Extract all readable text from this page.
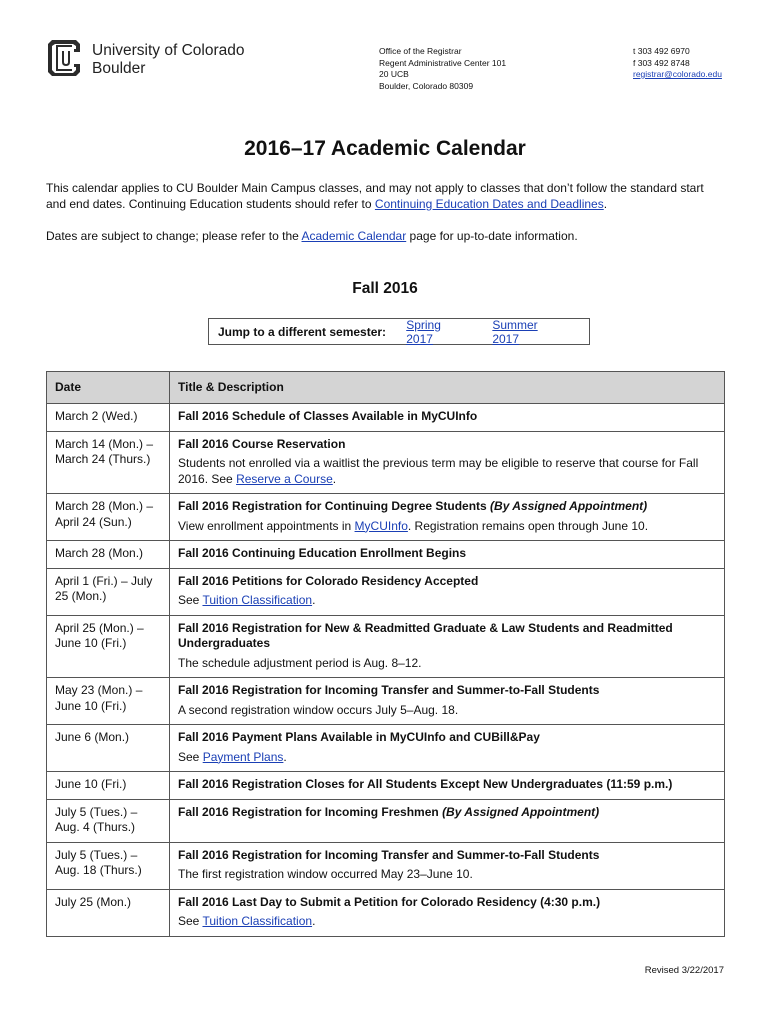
University of Colorado
Boulder
Office of the Registrar
Regent Administrative Center 101
20 UCB
Boulder, Colorado 80309
t 303 492 6970
f 303 492 8748
registrar@colorado.edu
2016–17 Academic Calendar

This calendar applies to CU Boulder Main Campus classes, and may not apply to classes that don’t follow the standard start and end dates. Continuing Education students should refer to Continuing Education Dates and Deadlines.

Dates are subject to change; please refer to the Academic Calendar page for up-to-date information.

Fall 2016
Jump to a different semester:	Spring 2017
Summer 2017
Date	Title & Description
March 2 (Wed.)	Fall 2016 Schedule of Classes Available in MyCUInfo

March 14 (Mon.) – March 24 (Thurs.)	Fall 2016 Course Reservation
Students not enrolled via a waitlist the previous term may be eligible to reserve that course for Fall 2016. See Reserve a Course.

March 28 (Mon.) – April 24 (Sun.)	Fall 2016 Registration for Continuing Degree Students (By Assigned Appointment)
View enrollment appointments in MyCUInfo. Registration remains open through June 10.

March 28 (Mon.)	Fall 2016 Continuing Education Enrollment Begins

April 1 (Fri.) – July 25 (Mon.)	Fall 2016 Petitions for Colorado Residency Accepted
See Tuition Classification.

April 25 (Mon.) – June 10 (Fri.)	Fall 2016 Registration for New & Readmitted Graduate & Law Students and Readmitted Undergraduates
The schedule adjustment period is Aug. 8–12.

May 23 (Mon.) – June 10 (Fri.)	Fall 2016 Registration for Incoming Transfer and Summer-to-Fall Students
A second registration window occurs July 5–Aug. 18.

June 6 (Mon.)	Fall 2016 Payment Plans Available in MyCUInfo and CUBill&Pay
See Payment Plans.

June 10 (Fri.)	Fall 2016 Registration Closes for All Students Except New Undergraduates (11:59 p.m.)

July 5 (Tues.) – Aug. 4 (Thurs.)	Fall 2016 Registration for Incoming Freshmen (By Assigned Appointment)

July 5 (Tues.) – Aug. 18 (Thurs.)	Fall 2016 Registration for Incoming Transfer and Summer-to-Fall Students
The first registration window occurred May 23–June 10.

July 25 (Mon.)	Fall 2016 Last Day to Submit a Petition for Colorado Residency (4:30 p.m.)
See Tuition Classification.
Revised 3/22/2017
